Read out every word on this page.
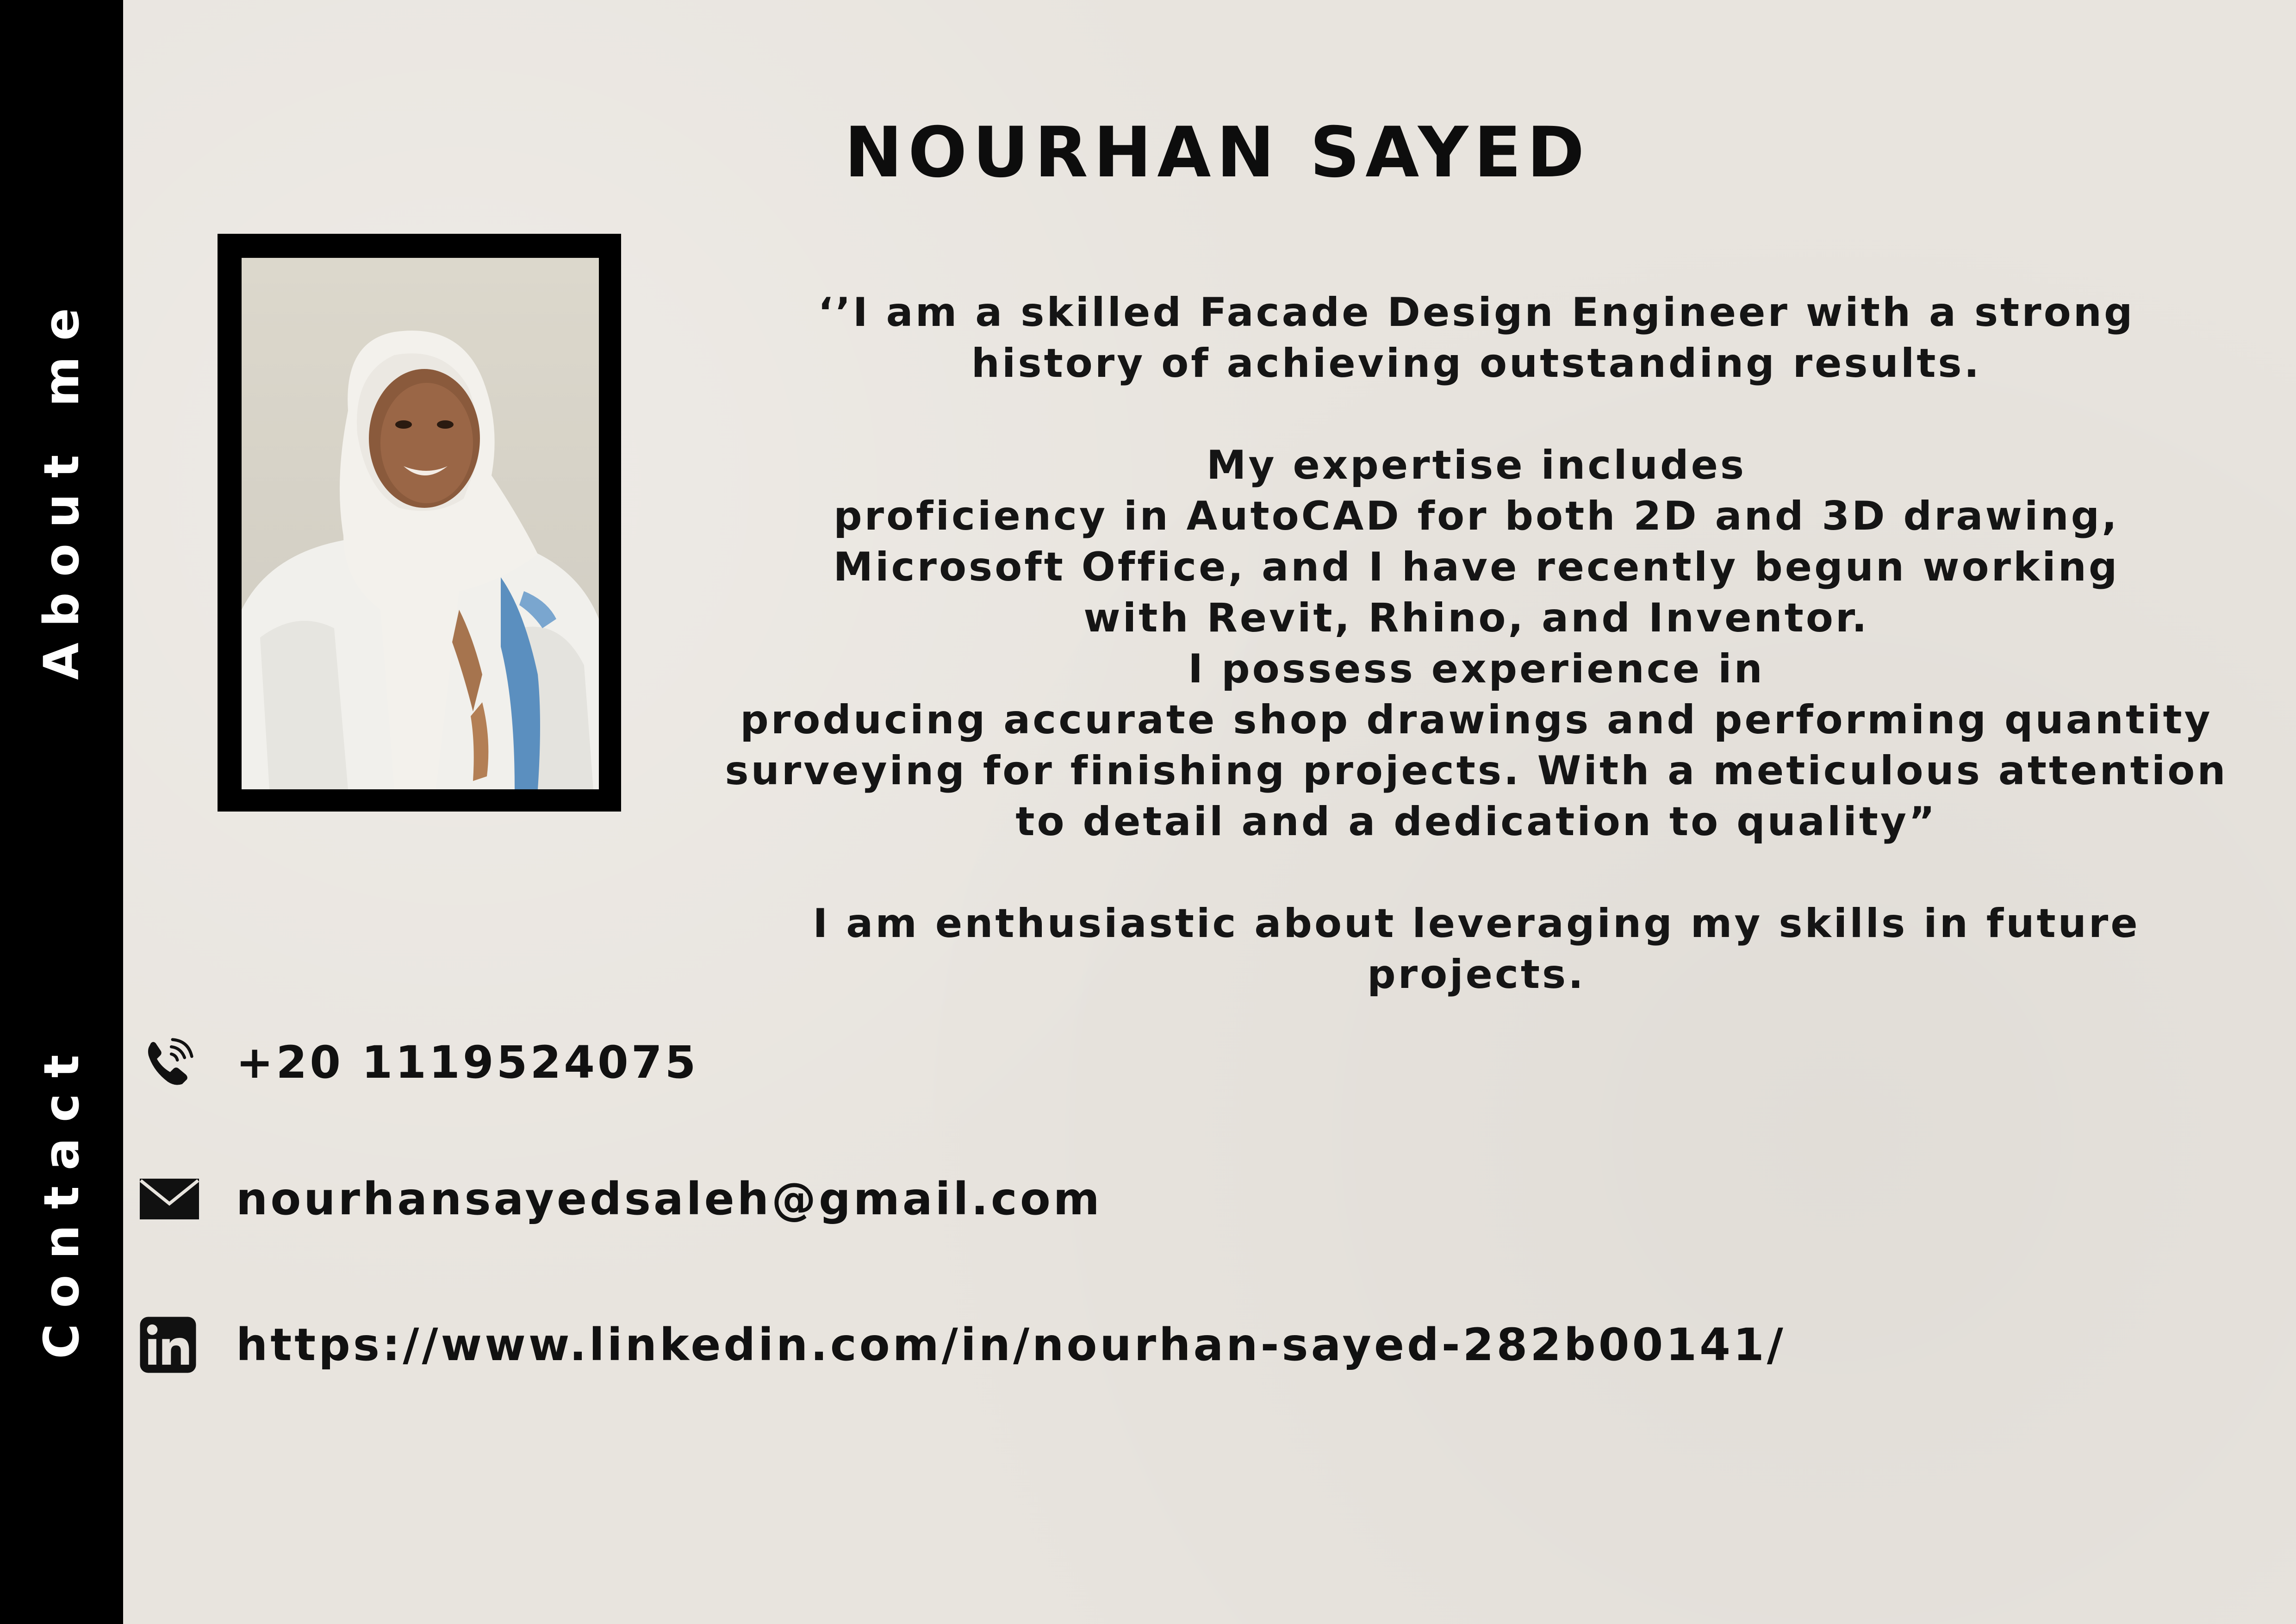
About me
Contact
NOURHAN SAYED

‘’I am a skilled Facade Design Engineer with a strong
history of achieving outstanding results.

My expertise includes
proficiency in AutoCAD for both 2D and 3D drawing,
Microsoft Office, and I have recently begun working
with Revit, Rhino, and Inventor.
I possess experience in
producing accurate shop drawings and performing quantity
surveying for finishing projects. With a meticulous attention
to detail and a dedication to quality”

I am enthusiastic about leveraging my skills in future projects.

+20 1119524075
nourhansayedsaleh@gmail.com
https://www.linkedin.com/in/nourhan-sayed-282b00141/
